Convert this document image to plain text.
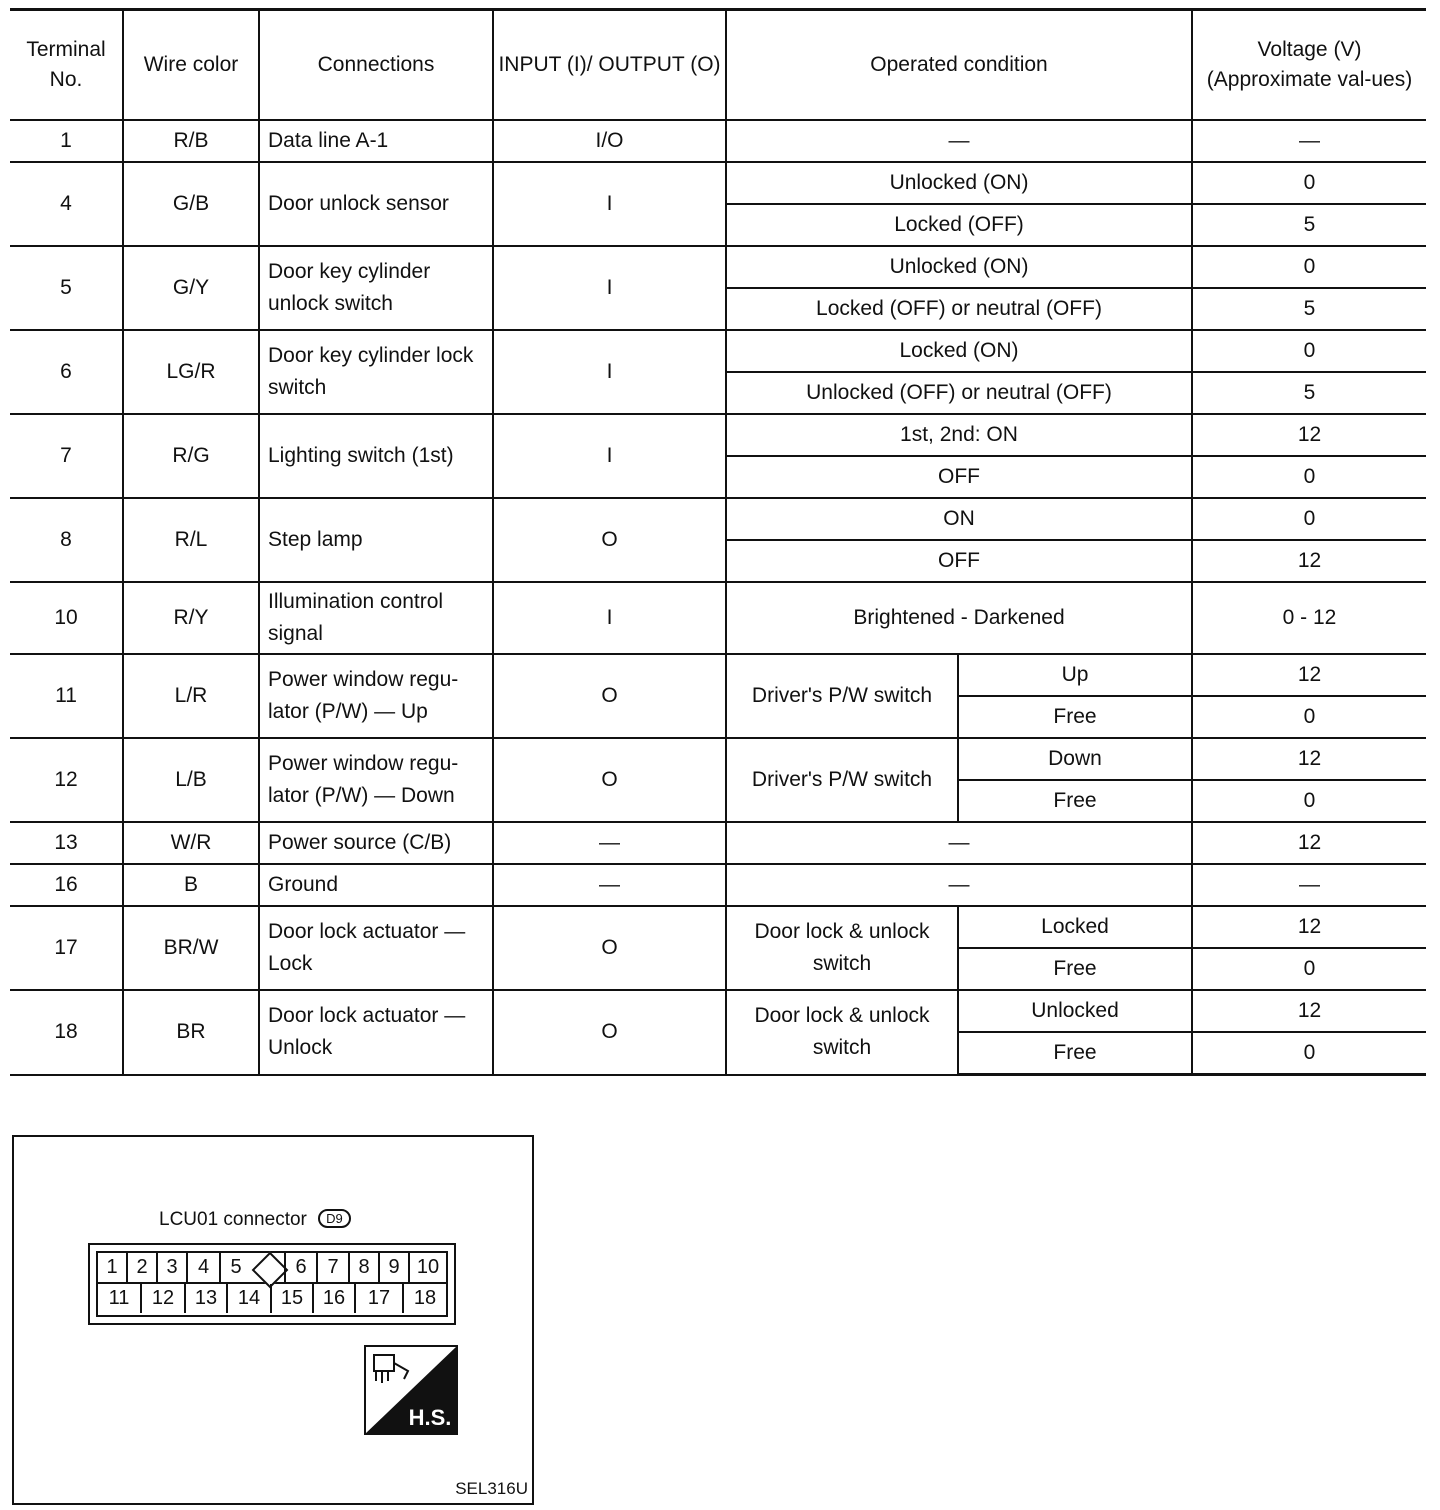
Terminal No.	Wire color	Connections	INPUT (I)/ OUTPUT (O)	Operated condition		Voltage (V) (Approximate val-ues)
1	R/B	Data line A-1	I/O	—		—
4	G/B	Door unlock sensor	I	Unlocked (ON)		0
				Locked (OFF)		5
5	G/Y	Door key cylinder unlock switch	I	Unlocked (ON)		0
				Locked (OFF) or neutral (OFF)		5
6	LG/R	Door key cylinder lock switch	I	Locked (ON)		0
				Unlocked (OFF) or neutral (OFF)		5
7	R/G	Lighting switch (1st)	I	1st, 2nd: ON		12
				OFF		0
8	R/L	Step lamp	O	ON		0
				OFF		12
10	R/Y	Illumination control signal	I	Brightened - Darkened		0 - 12
11	L/R	Power window regu-lator (P/W) — Up	O	Driver's P/W switch	Up	12
					Free	0
12	L/B	Power window regu-lator (P/W) — Down	O	Driver's P/W switch	Down	12
					Free	0
13	W/R	Power source (C/B)	—	—		12
16	B	Ground	—	—		—
17	BR/W	Door lock actuator — Lock	O	Door lock & unlock switch	Locked	12
					Free	0
18	BR	Door lock actuator — Unlock	O	Door lock & unlock switch	Unlocked	12
					Free	0
LCU01 connector D9
1 2 3	4	5	6	7 8 9 10
11	12	13	14	15 16	17	18
H.S.
SEL316U
